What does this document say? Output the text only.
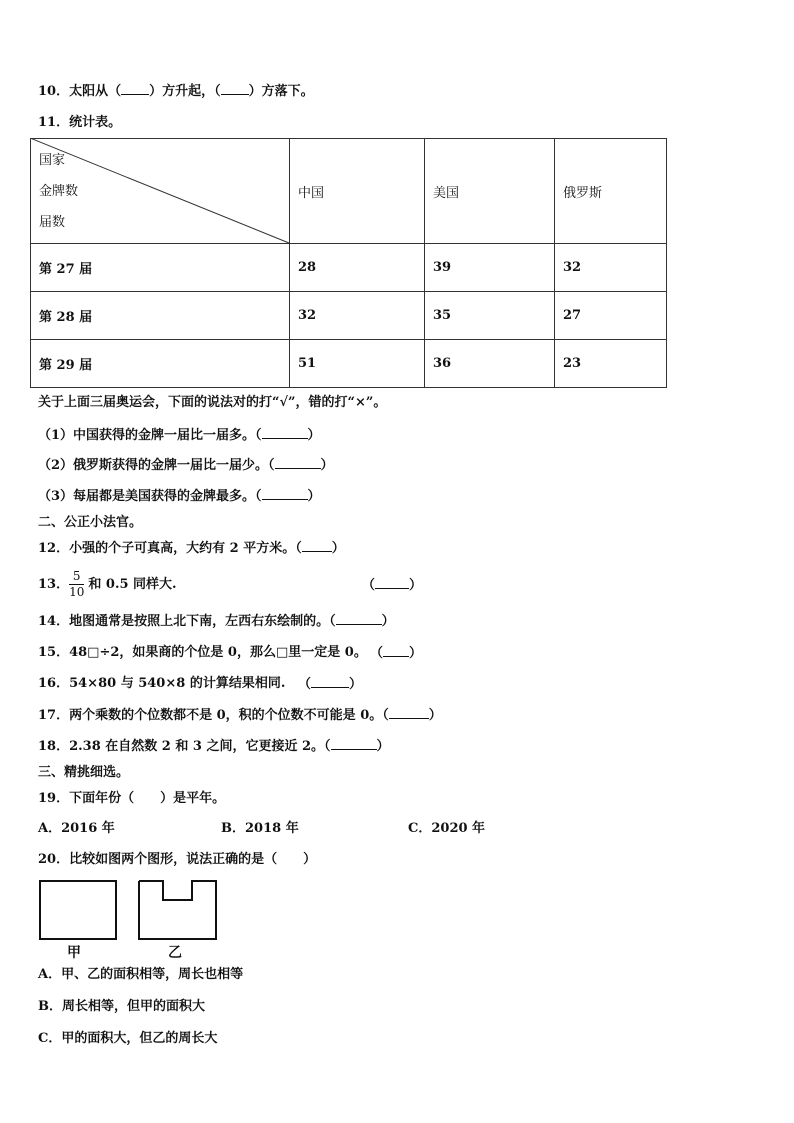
10．太阳从（ ）方升起，（ ）方落下。
11．统计表。
国家
金牌数
届数	中国	美国	俄罗斯
第 27 届	28	39	32
第 28 届	32	35	27
第 29 届	51	36	23
关于上面三届奥运会，下面的说法对的打“√”，错的打“×”。
（1）中国获得的金牌一届比一届多。（	）
（2）俄罗斯获得的金牌一届比一届少。（	）
（3）每届都是美国获得的金牌最多。（	）
二、公正小法官。
12．小强的个子可真高，大约有 2 平方米。（ ）
13． $\frac{5}{10}$ 和 0.5 同样大.	（	）
14．地图通常是按照上北下南，左西右东绘制的。（	）
15．48□÷2，如果商的个位是 0，那么□里一定是 0。 （ ）
16．54×80 与 540×8 的计算结果相同. （	）
17．两个乘数的个位数都不是 0，积的个位数不可能是 0。（	）
18．2.38 在自然数 2 和 3 之间，它更接近 2。（	）
三、精挑细选。
19．下面年份（　　）是平年。
A．2016 年	B．2018 年	C．2020 年
20．比较如图两个图形，说法正确的是（　　）
甲	乙
A．甲、乙的面积相等，周长也相等
B．周长相等，但甲的面积大
C．甲的面积大，但乙的周长大
